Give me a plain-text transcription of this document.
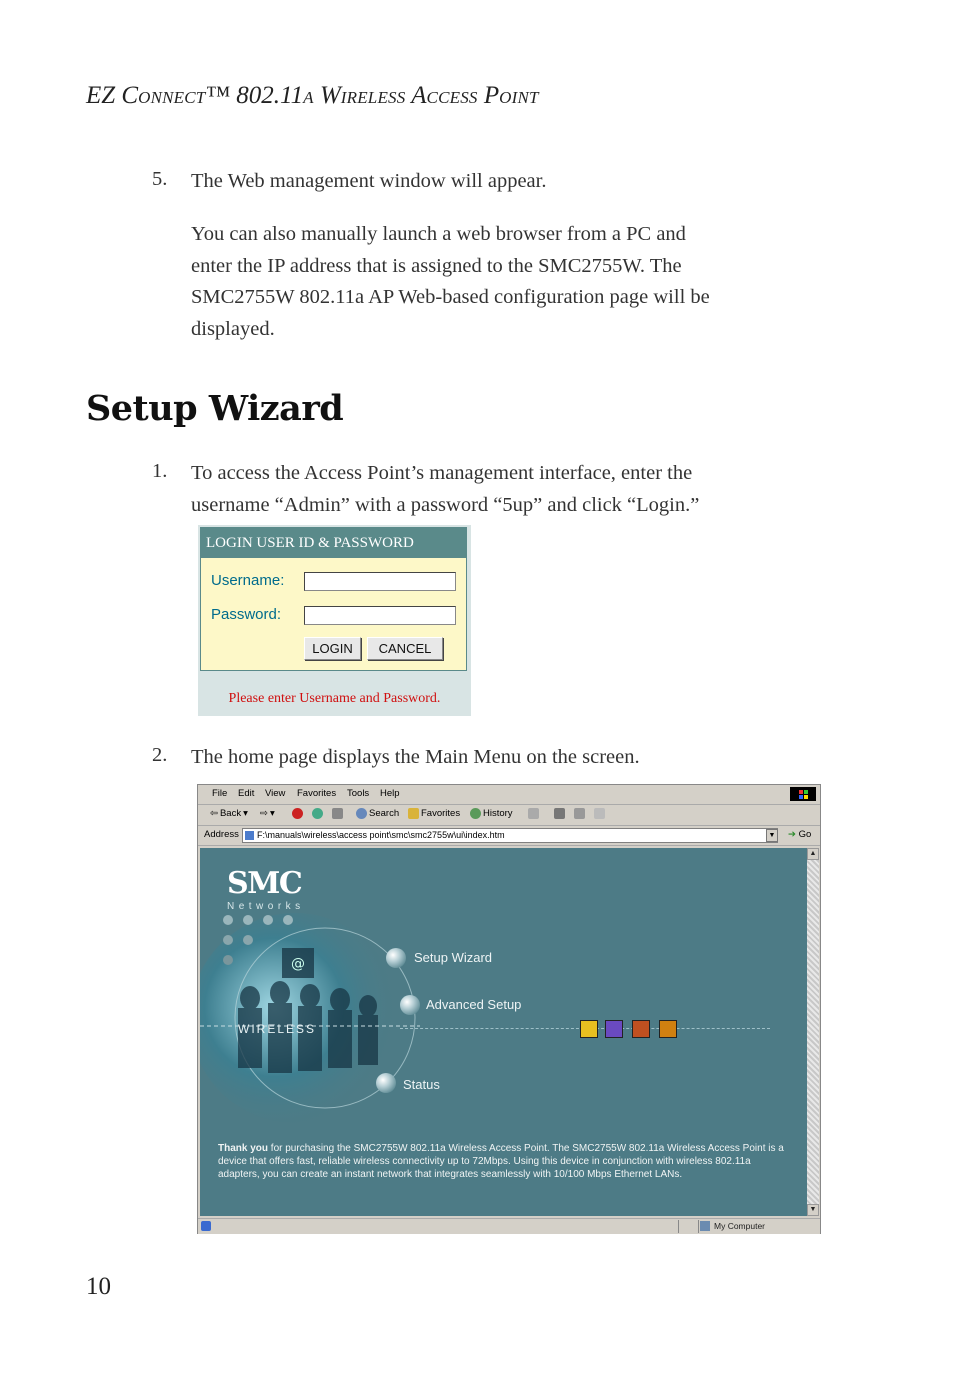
EZ CONNECT™ 802.11A WIRELESS ACCESS POINT
5. The Web management window will appear.
You can also manually launch a web browser from a PC and
enter the IP address that is assigned to the SMC2755W. The
SMC2755W 802.11a AP Web-based configuration page will be
displayed.
Setup Wizard
1. To access the Access Point’s management interface, enter the
username “Admin” with a password “5up” and click “Login.”
LOGIN USER ID & PASSWORD
Username:
Password:
LOGIN	CANCEL
Please enter Username and Password.
2. The home page displays the Main Menu on the screen.
File Edit View Favorites Tools Help
⇦ Back ▾ ⇨ ▾	Search Favorites History
Address	F:\manuals\wireless\access point\smc\smc2755w\ui\index.htm	▼ ➔ Go
@
WIRELESS
SMC
Networks
Setup Wizard
Advanced Setup
Status
Thank you for purchasing the SMC2755W 802.11a Wireless Access Point. The SMC2755W 802.11a Wireless Access Point is a device that offers fast, reliable wireless connectivity up to 72Mbps. Using this device in conjunction with wireless 802.11a adapters, you can create an instant network that integrates seamlessly with 10/100 Mbps Ethernet LANs.
▲
▼
My Computer
10
